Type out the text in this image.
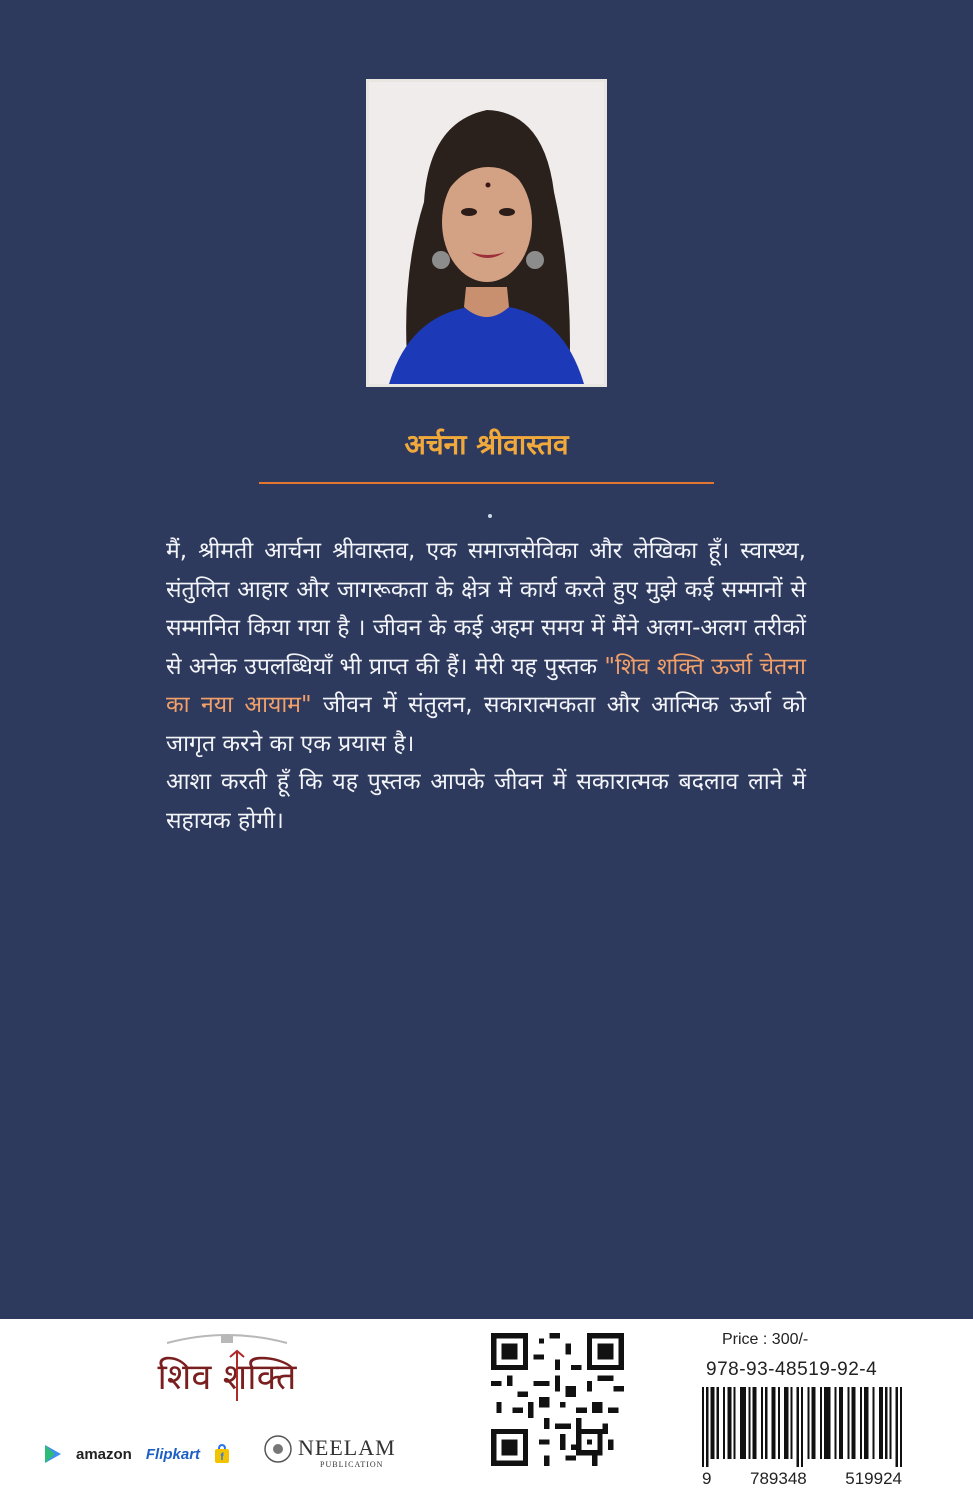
अर्चना श्रीवास्तव

मैं, श्रीमती आर्चना श्रीवास्तव, एक समाजसेविका और लेखिका हूँ। स्वास्थ्य, संतुलित आहार और जागरूकता के क्षेत्र में कार्य करते हुए मुझे कई सम्मानों से सम्मानित किया गया है । जीवन के कई अहम समय में मैंने अलग-अलग तरीकों से अनेक उपलब्धियाँ भी प्राप्त की हैं। मेरी यह पुस्तक "शिव शक्ति ऊर्जा चेतना का नया आयाम" जीवन में संतुलन, सकारात्मकता और आत्मिक ऊर्जा को जागृत करने का एक प्रयास है।

आशा करती हूँ कि यह पुस्तक आपके जीवन में सकारात्मक बदलाव लाने में सहायक होगी।

शिव शक्ति
amazon Flipkart f	NEELAM
PUBLICATION
Price : 300/-
978-93-48519-92-4
9 789348 519924
